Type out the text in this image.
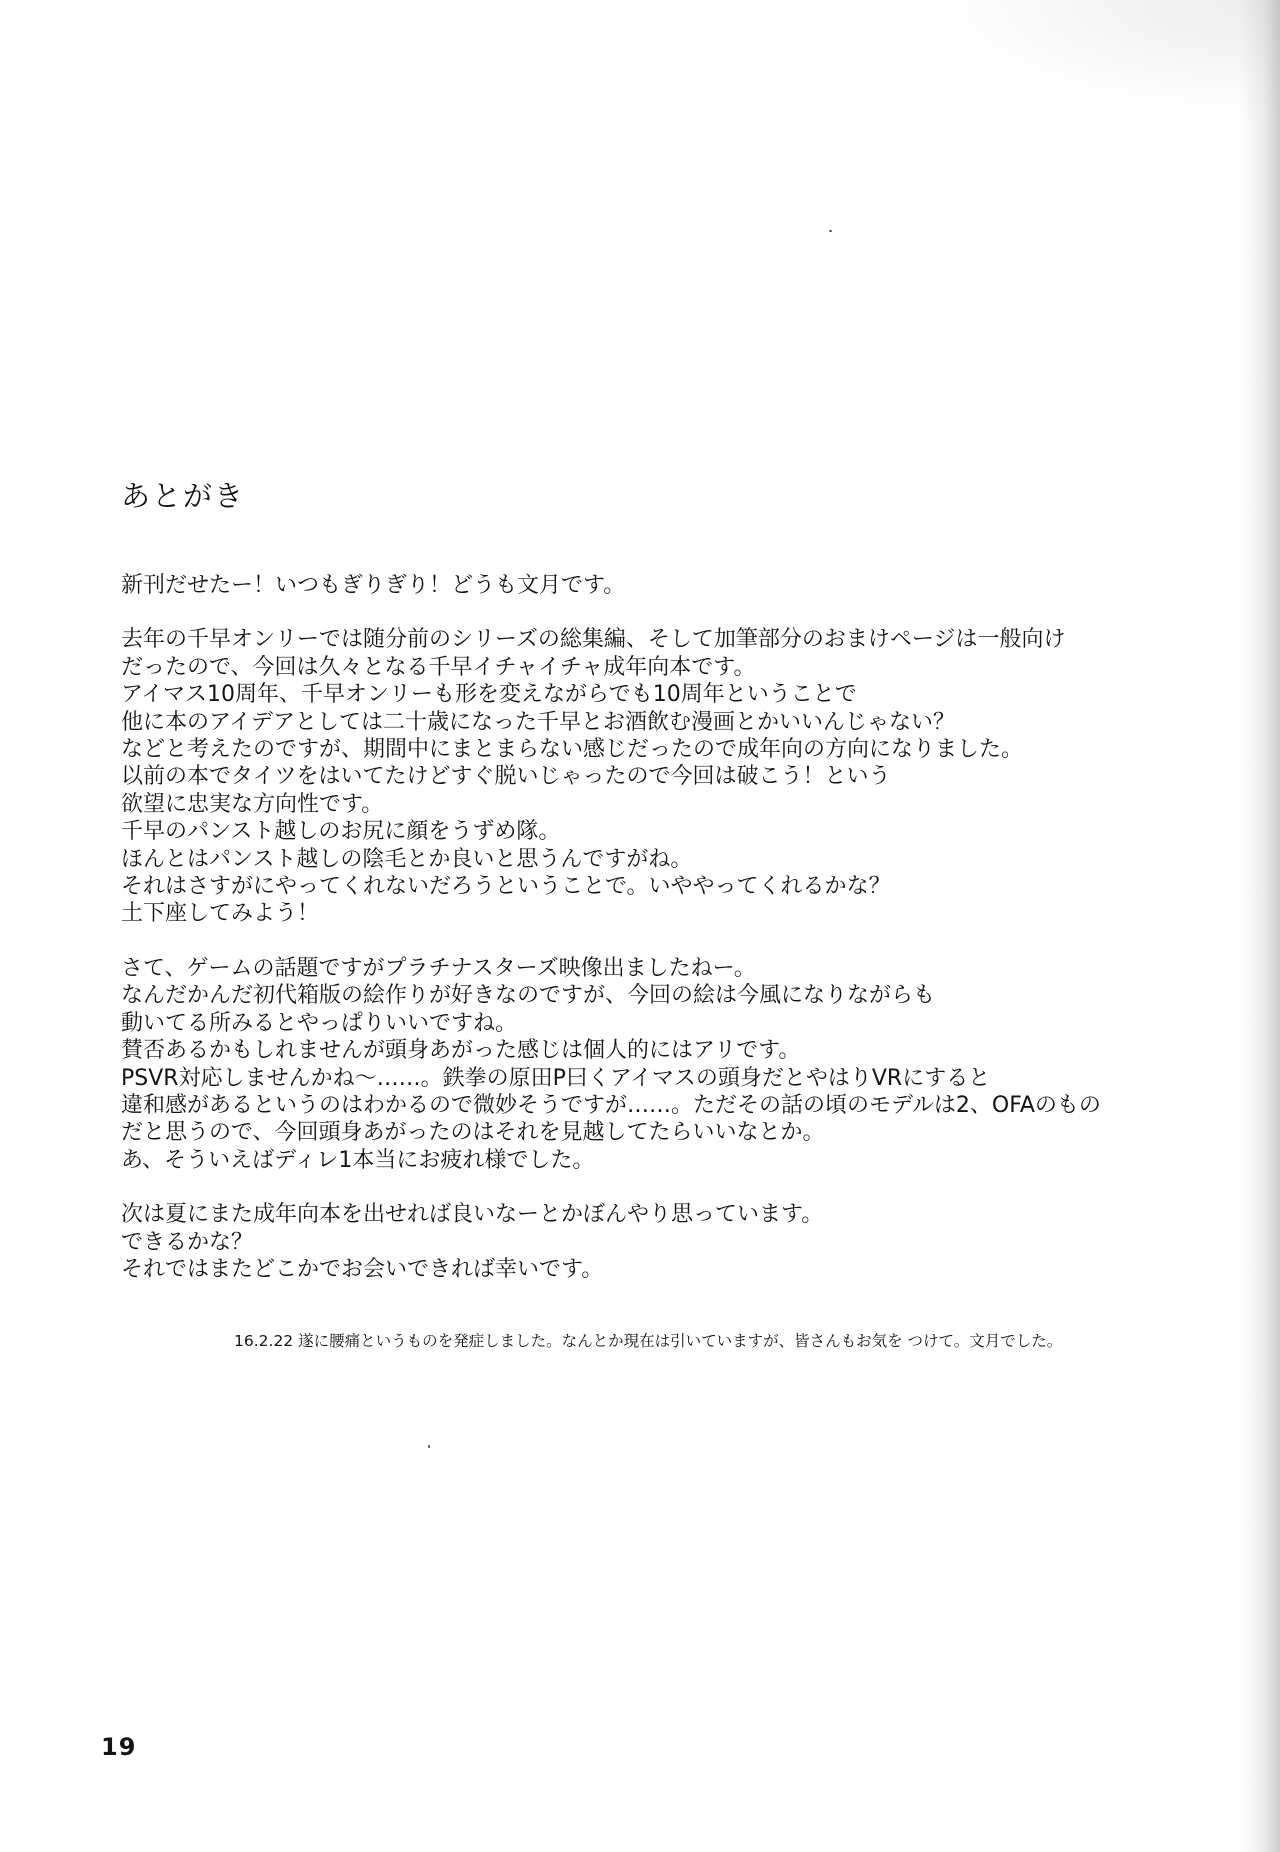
あとがき
新刊だせたー！いつもぎりぎり！どうも文月です。
去年の千早オンリーでは随分前のシリーズの総集編、そして加筆部分のおまけページは一般向け
だったので、今回は久々となる千早イチャイチャ成年向本です。
アイマス10周年、千早オンリーも形を変えながらでも10周年ということで
他に本のアイデアとしては二十歳になった千早とお酒飲む漫画とかいいんじゃない？
などと考えたのですが、期間中にまとまらない感じだったので成年向の方向になりました。
以前の本でタイツをはいてたけどすぐ脱いじゃったので今回は破こう！という
欲望に忠実な方向性です。
千早のパンスト越しのお尻に顔をうずめ隊。
ほんとはパンスト越しの陰毛とか良いと思うんですがね。
それはさすがにやってくれないだろうということで。いややってくれるかな？
土下座してみよう！
さて、ゲームの話題ですがプラチナスターズ映像出ましたねー。
なんだかんだ初代箱版の絵作りが好きなのですが、今回の絵は今風になりながらも
動いてる所みるとやっぱりいいですね。
賛否あるかもしれませんが頭身あがった感じは個人的にはアリです。
PSVR対応しませんかね～……。鉄拳の原田P曰くアイマスの頭身だとやはりVRにすると
違和感があるというのはわかるので微妙そうですが……。ただその話の頃のモデルは2、OFAのもの
だと思うので、今回頭身あがったのはそれを見越してたらいいなとか。
あ、そういえばディレ1本当にお疲れ様でした。
次は夏にまた成年向本を出せれば良いなーとかぼんやり思っています。
できるかな？
それではまたどこかでお会いできれば幸いです。

16.2.22 遂に腰痛というものを発症しました。なんとか現在は引いていますが、皆さんもお気を つけて。文月でした。

19
